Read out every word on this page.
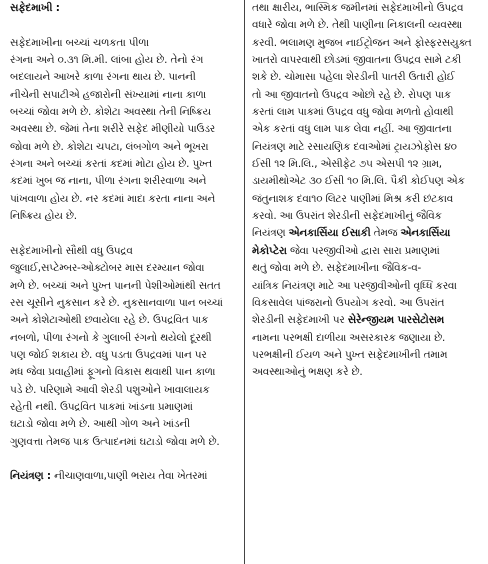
સફેદમાખી :
સફેદમાખીના બચ્ચાં ચળકતા પીળા
રંગના અને ૦.૩૧ મિ.મી. લાંબા હોય છે. તેનો રંગ
બદલાયને આખરે કાળા રંગના થાય છે. પાનની
નીચેની સપાટીએ હજારોની સંખ્યામાં નાના કાળા
બચ્ચાં જોવા મળે છે. કોશેટા અવસ્થા તેની નિષ્ક્રિય
અવસ્થા છે. જેમાં તેના શરીરે સફેદ મીણીયો પાઉડર
જોવા મળે છે. કોશેટા ચપટા, લંબગોળ અને ભૂખરા
રંગના અને બચ્ચાં કરતાં કદમાં મોટા હોય છે. પુખ્ત
કદમાં ખુબ જ નાના, પીળા રંગના શરીરવાળા અને
પાંખવાળા હોય છે. નર કદમાં માદા કરતા નાના અને
નિષ્ક્રિય હોય છે.
સફેદમાખીનો સૌથી વધુ ઉપદ્રવ
જુલાઈ,સપ્ટેમ્બર-ઓક્ટોબર માસ દરમ્યાન જોવા
મળે છે. બચ્ચાં અને પુખ્ત પાનની પેશીઓમાંથી સતત
રસ ચૂસીને નુકસાન કરે છે. નુકસાનવાળા પાન બચ્ચાં
અને કોશેટાઓથી છવાયેલા રહે છે. ઉપદ્રવિત પાક
નબળો, પીળા રંગનો કે ગુલાબી રંગનો થયેલો દૂરથી
પણ જોઈ શકાય છે. વધુ પડતા ઉપદ્રવમાં પાન પર
મધ જેવા પ્રવાહીમાં ફૂગનો વિકાસ થવાથી પાન કાળા
પડે છે. પરિણામે આવી શેરડી પશુઓને ખાવાલાયક
રહેતી નથી. ઉપદ્રવિત પાકમાં ખાંડના પ્રમાણમાં
ઘટાડો જોવા મળે છે. આથી ગોળ અને ખાંડની
ગુણવત્તા તેમજ પાક ઉત્પાદનમાં ઘટાડો જોવા મળે છે.
નિયંત્રણ : નીચાણવાળા,પાણી ભરાય તેવા ખેતરમાં
તથા ક્ષારીય, ભાસ્મિક જમીનમાં સફેદમાખીનો ઉપદ્રવ
વધારે જોવા મળે છે. તેથી પાણીના નિકાલની વ્યવસ્થા
કરવી. ભલામણ મુજબ નાઈટ્રોજન અને ફોસ્ફરસયુક્ત
ખાતરો વાપરવાથી છોડમાં જીવાતના ઉપદ્રવ સામે ટકી
શકે છે. ચોમાસા પહેલા શેરડીની પાતરી ઉતારી હોઈ
તો આ જીવાતનો ઉપદ્રવ ઓછો રહે છે. રોપણ પાક
કરતાં લામ પાકમાં ઉપદ્રવ વધુ જોવા મળતો હોવાથી
એક કરતાં વધુ લામ પાક લેવા નહીં. આ જીવાતના
નિયંત્રણ માટે રસાયણિક દવાઓમાં ટ્રાયઝોફોસ ૪૦
ઈસી ૧૨ મિ.લિ., એસીફેટ ૭૫ એસપી ૧૨ ગ્રામ,
ડાયમીથોએટ ૩૦ ઈસી ૧૦ મિ.લિ. પૈકી કોઈપણ એક
જંતુનાશક દવા૧૦ લિટર પાણીમાં મિશ્ર કરી છંટકાવ
કરવો. આ ઉપરાંત શેરડીની સફેદમાખીનું જૈવિક
નિયંત્રણ એનકાર્સિયા ઈસાકી તેમજ એનકાર્સિયા
મેકોપ્ટેરા જેવા પરજીવીઓ દ્વારા સારા પ્રમાણમાં
થતું જોવા મળે છે. સફેદમાખીના જૈવિક-વ-
યાંત્રિક નિયંત્રણ માટે આ પરજીવીઓની વૃધ્ધિ કરવા
વિકસાવેલ પાંજરાનો ઉપયોગ કરવો. આ ઉપરાંત
શેરડીની સફેદમાખી પર સેરેન્જીયમ પારસેટોસમ
નામના પરભક્ષી દાળીયા અસરકારક જણાયા છે.
પરભક્ષીની ઈયળ અને પુખ્ત સફેદમાખીની તમામ
અવસ્થાઓનું ભક્ષણ કરે છે.
